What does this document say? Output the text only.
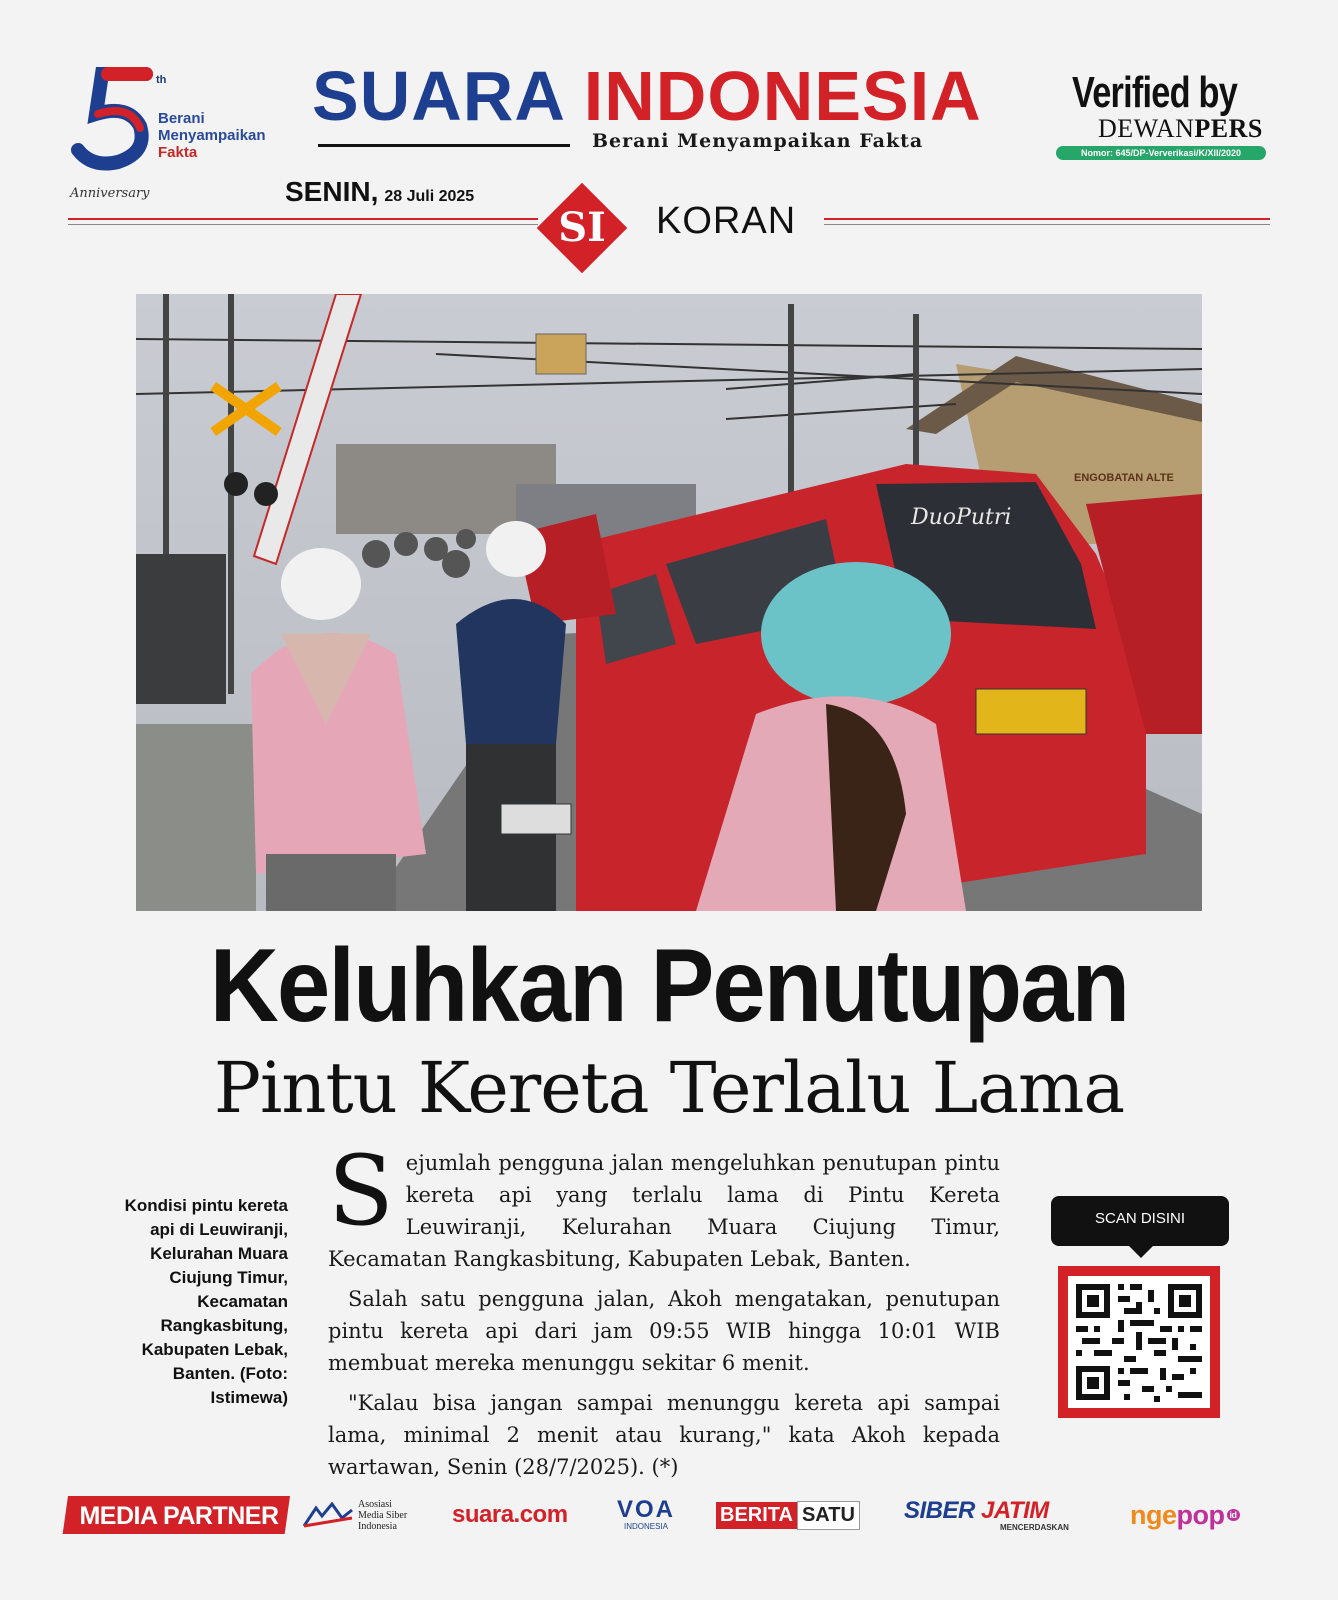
th
Berani
Menyampaikan
Fakta
Anniversary
SUARA INDONESIA
Berani Menyampaikan Fakta
Verified by
DEWANPERS
Nomor: 645/DP-Ververikasi/K/XII/2020
SENIN, 28 Juli 2025
SI	KORAN
ENGOBATAN ALTE
DuoPutri
Keluhkan Penutupan
Pintu Kereta Terlalu Lama
Kondisi pintu kereta api di Leuwiranji, Kelurahan Muara Ciujung Timur, Kecamatan Rangkasbitung, Kabupaten Lebak, Banten. (Foto: Istimewa)

Sejumlah pengguna jalan mengeluhkan penutupan pintu kereta api yang terlalu lama di Pintu Kereta Leuwiranji, Kelurahan Muara Ciujung Timur, Kecamatan Rangkasbitung, Kabupaten Lebak, Banten.

Salah satu pengguna jalan, Akoh mengatakan, penutupan pintu kereta api dari jam 09:55 WIB hingga 10:01 WIB membuat mereka menunggu sekitar 6 menit.

"Kalau bisa jangan sampai menunggu kereta api sampai lama, minimal 2 menit atau kurang," kata Akoh kepada wartawan, Senin (28/7/2025). (*)

SCAN DISINI
MEDIA PARTNER	Asosiasi
Media Siber
Indonesia	suara.com VOA
INDONESIA
BERITA SATU SIBER JATIM
MENCERDASKAN nge pop id
